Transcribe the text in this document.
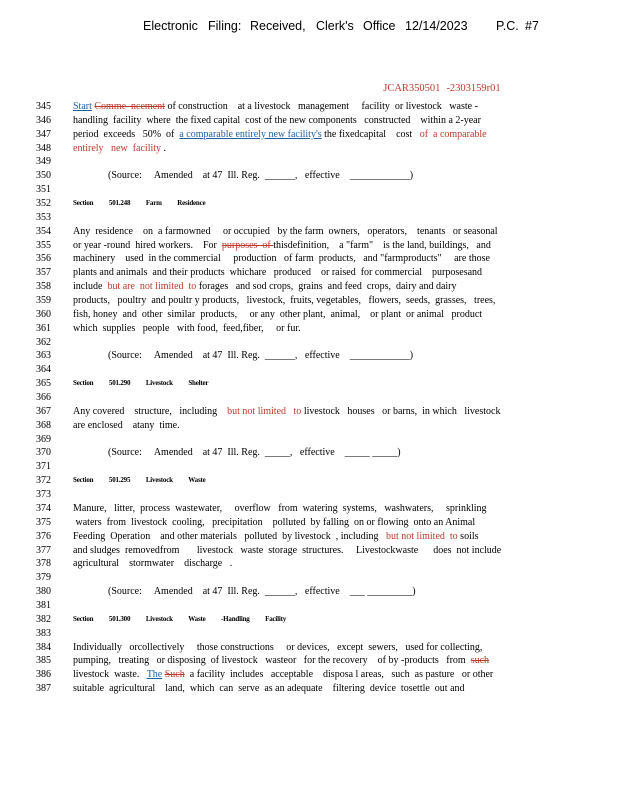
Electronic Filing: Received, Clerk's Office 12/14/2023 P.C. #7

JCAR350501 -2303159r01

345	Start Comme  ncement of construction    at a livestock   management     facility  or livestock   waste -
346	handling  facility  where  the fixed capital  cost of the new components   constructed    within a 2-year
347	period  exceeds   50%  of  a comparable entirely new facility's the fixedcapital    cost   of  a comparable
348	entirely   new  facility .
349
350	(Source:     Amended    at 47  Ill. Reg.  ______,   effective    ____________)
351
352	Section 501.248 Farm Residence
353
354	Any  residence    on  a farmowned     or occupied   by the farm  owners,   operators,    tenants   or seasonal
355	or year -round  hired workers.    For  purposes  of thisdefinition,    a "farm"    is the land, buildings,   and
356	machinery    used  in the commercial     production   of farm  products,   and "farmproducts"     are those
357	plants and animals  and their products  whichare   produced    or raised  for commercial    purposesand
358	include  but are  not limited  to forages   and sod crops,  grains  and feed  crops,  dairy and dairy
359	products,   poultry  and poultr y products,   livestock,  fruits, vegetables,   flowers,  seeds,  grasses,   trees,
360	fish, honey  and  other  similar  products,     or any  other plant,  animal,    or plant  or animal   product
361	which  supplies   people   with food,  feed,fiber,     or fur.
362
363	(Source:     Amended    at 47  Ill. Reg.  ______,   effective    ____________)
364
365	Section 501.290 Livestock Shelter
366
367	Any covered    structure,   including    but not limited   to livestock   houses   or barns,  in which   livestock
368	are enclosed    atany  time.
369
370	(Source:     Amended    at 47  Ill. Reg.  _____,   effective    _____ _____)
371
372	Section 501.295 Livestock Waste
373
374	Manure,   litter,  process  wastewater,     overflow   from  watering  systems,   washwaters,     sprinkling
375	waters  from  livestock  cooling,   precipitation    polluted  by falling  on or flowing  onto an Animal
376	Feeding  Operation    and other materials   polluted  by livestock  , including   but not limited  to soils
377	and sludges  removedfrom       livestock   waste  storage  structures.     Livestockwaste      does  not include
378	agricultural    stormwater    discharge   .
379
380	(Source:     Amended    at 47  Ill. Reg.  ______,   effective    ___ _________)
381
382	Section 501.300 Livestock Waste -Handling Facility
383
384	Individually   orcollectively     those constructions     or devices,   except  sewers,   used for collecting,
385	pumping,   treating   or disposing  of livestock   wasteor   for the recovery    of by -products   from  such
386	livestock  waste.   The Such  a facility  includes   acceptable    disposa l areas,   such  as pasture   or other
387	suitable  agricultural    land,  which  can  serve  as an adequate    filtering  device  tosettle  out and
